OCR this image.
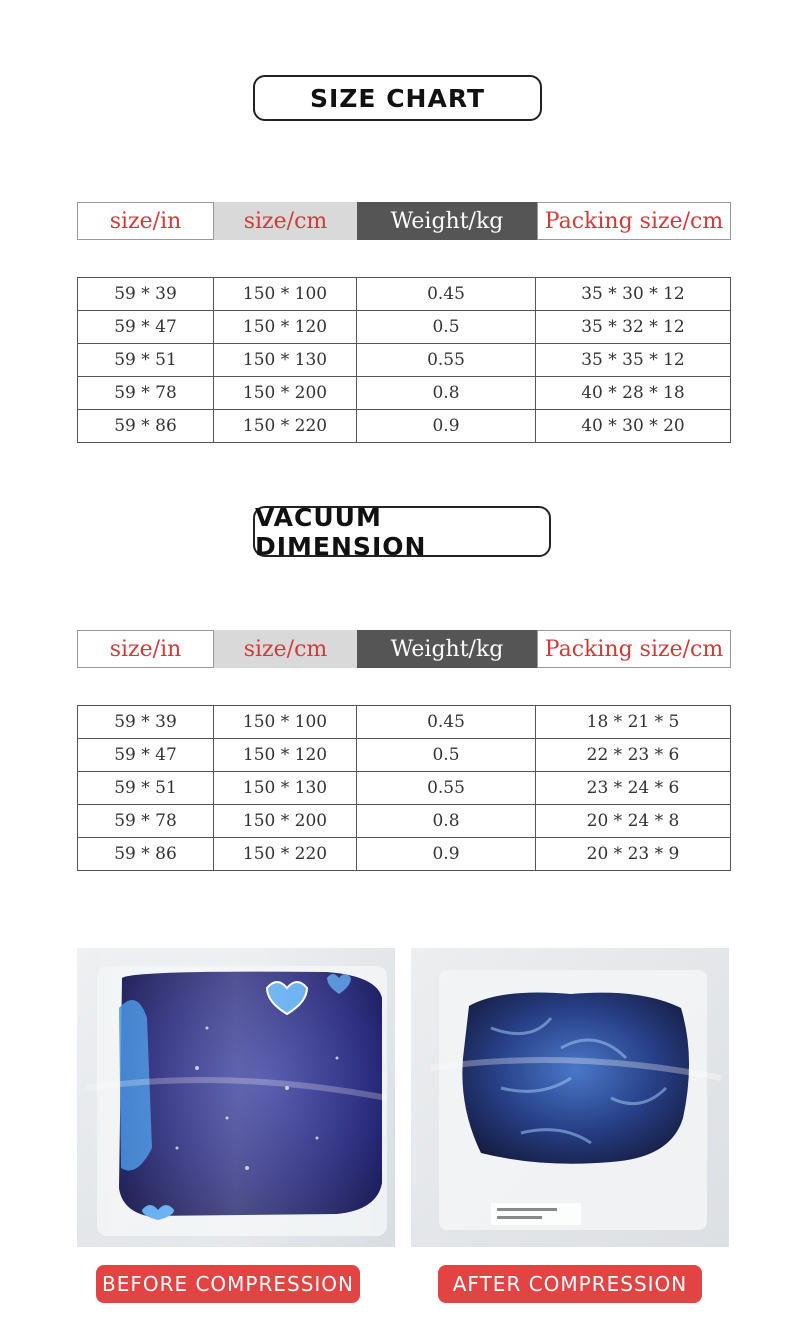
SIZE CHART
size/in	size/cm	Weight/kg	Packing size/cm
59 * 39	150 * 100	0.45	35 * 30 * 12
59 * 47	150 * 120	0.5	35 * 32 * 12
59 * 51	150 * 130	0.55	35 * 35 * 12
59 * 78	150 * 200	0.8	40 * 28 * 18
59 * 86	150 * 220	0.9	40 * 30 * 20
VACUUM DIMENSION
size/in	size/cm	Weight/kg	Packing size/cm
59 * 39	150 * 100	0.45	18 * 21 * 5
59 * 47	150 * 120	0.5	22 * 23 * 6
59 * 51	150 * 130	0.55	23 * 24 * 6
59 * 78	150 * 200	0.8	20 * 24 * 8
59 * 86	150 * 220	0.9	20 * 23 * 9
BEFORE COMPRESSION	AFTER COMPRESSION
